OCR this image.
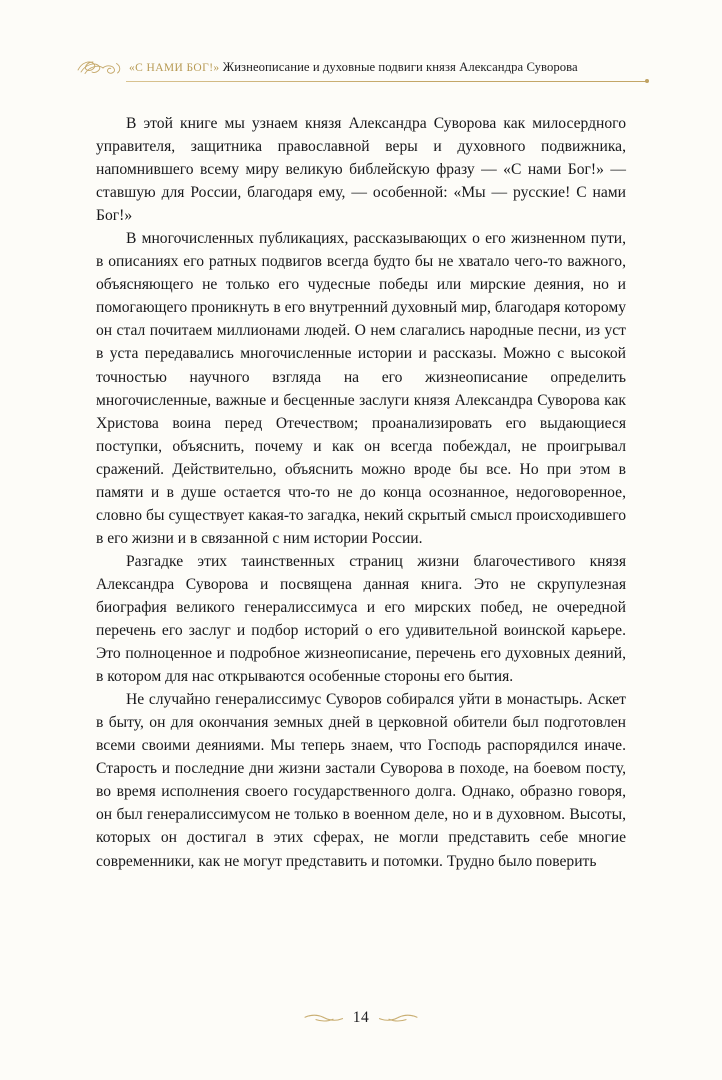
«С НАМИ БОГ!» Жизнеописание и духовные подвиги князя Александра Суворова

В этой книге мы узнаем князя Александра Суворова как милосердного управителя, защитника православной веры и духовного подвижника, напомнившего всему миру великую библейскую фразу — «С нами Бог!» — ставшую для России, благодаря ему, — особенной: «Мы — русские! С нами Бог!»

В многочисленных публикациях, рассказывающих о его жизненном пути, в описаниях его ратных подвигов всегда будто бы не хватало чего-то важного, объясняющего не только его чудесные победы или мирские деяния, но и помогающего проникнуть в его внутренний духовный мир, благодаря которому он стал почитаем миллионами людей. О нем слагались народные песни, из уст в уста передавались многочисленные истории и рассказы. Можно с высокой точностью научного взгляда на его жизнеописание определить многочисленные, важные и бесценные заслуги князя Александра Суворова как Христова воина перед Отечеством; проанализировать его выдающиеся поступки, объяснить, почему и как он всегда побеждал, не проигрывал сражений. Действительно, объяснить можно вроде бы все. Но при этом в памяти и в душе остается что-то не до конца осознанное, недоговоренное, словно бы существует какая-то загадка, некий скрытый смысл происходившего в его жизни и в связанной с ним истории России.

Разгадке этих таинственных страниц жизни благочестивого князя Александра Суворова и посвящена данная книга. Это не скрупулезная биография великого генералиссимуса и его мирских побед, не очередной перечень его заслуг и подбор историй о его удивительной воинской карьере. Это полноценное и подробное жизнеописание, перечень его духовных деяний, в котором для нас открываются особенные стороны его бытия.

Не случайно генералиссимус Суворов собирался уйти в монастырь. Аскет в быту, он для окончания земных дней в церковной обители был подготовлен всеми своими деяниями. Мы теперь знаем, что Господь распорядился иначе. Старость и последние дни жизни застали Суворова в походе, на боевом посту, во время исполнения своего государственного долга. Однако, образно говоря, он был генералиссимусом не только в военном деле, но и в духовном. Высоты, которых он достигал в этих сферах, не могли представить себе многие современники, как не могут представить и потомки. Трудно было поверить

14
